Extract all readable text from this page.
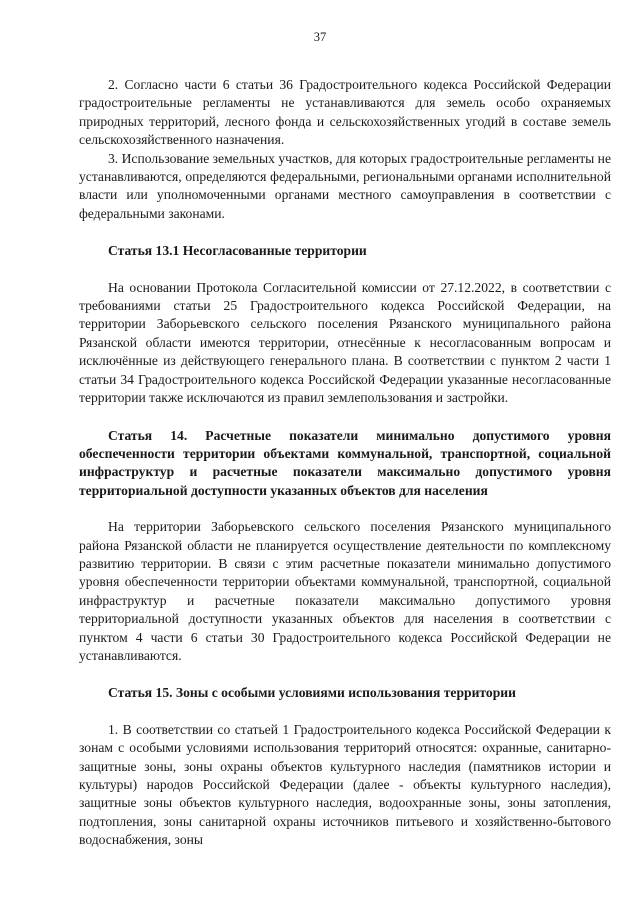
37

2. Согласно части 6 статьи 36 Градостроительного кодекса Российской Федерации градостроительные регламенты не устанавливаются для земель особо охраняемых природных территорий, лесного фонда и сельскохозяйственных угодий в составе земель сельскохозяйственного назначения.

3. Использование земельных участков, для которых градостроительные регламенты не устанавливаются, определяются федеральными, региональными органами исполнительной власти или уполномоченными органами местного самоуправления в соответствии с федеральными законами.

Статья 13.1 Несогласованные территории

На основании Протокола Согласительной комиссии от 27.12.2022, в соответствии с требованиями статьи 25 Градостроительного кодекса Российской Федерации, на территории Заборьевского сельского поселения Рязанского муниципального района Рязанской области имеются территории, отнесённые к несогласованным вопросам и исключённые из действующего генерального плана. В соответствии с пунктом 2 части 1 статьи 34 Градостроительного кодекса Российской Федерации указанные несогласованные территории также исключаются из правил землепользования и застройки.

Статья 14. Расчетные показатели минимально допустимого уровня обеспеченности территории объектами коммунальной, транспортной, социальной инфраструктур и расчетные показатели максимально допустимого уровня территориальной доступности указанных объектов для населения

На территории Заборьевского сельского поселения Рязанского муниципального района Рязанской области не планируется осуществление деятельности по комплексному развитию территории. В связи с этим расчетные показатели минимально допустимого уровня обеспеченности территории объектами коммунальной, транспортной, социальной инфраструктур и расчетные показатели максимально допустимого уровня территориальной доступности указанных объектов для населения в соответствии с пунктом 4 части 6 статьи 30 Градостроительного кодекса Российской Федерации не устанавливаются.

Статья 15. Зоны с особыми условиями использования территории

1. В соответствии со статьей 1 Градостроительного кодекса Российской Федерации к зонам с особыми условиями использования территорий относятся: охранные, санитарно-защитные зоны, зоны охраны объектов культурного наследия (памятников истории и культуры) народов Российской Федерации (далее - объекты культурного наследия), защитные зоны объектов культурного наследия, водоохранные зоны, зоны затопления, подтопления, зоны санитарной охраны источников питьевого и хозяйственно-бытового водоснабжения, зоны
